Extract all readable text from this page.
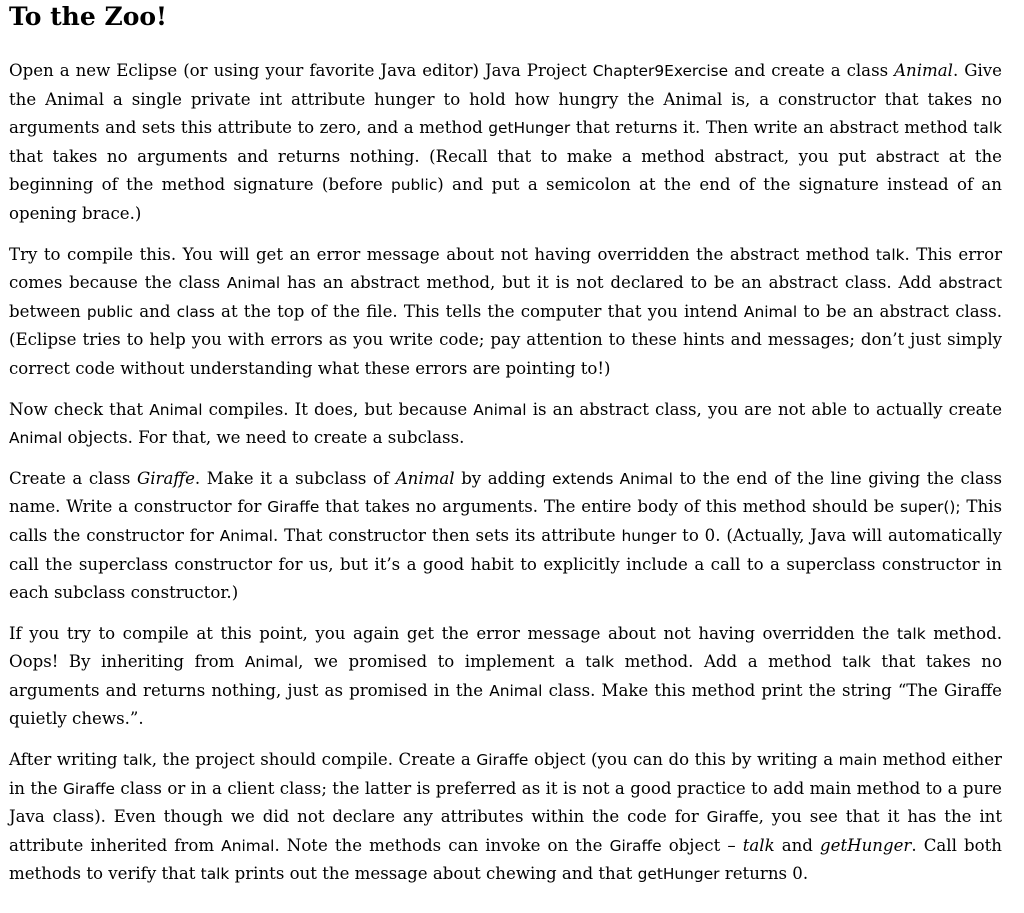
To the Zoo!

Open a new Eclipse (or using your favorite Java editor) Java Project Chapter9Exercise and create a class Animal. Give the Animal a single private int attribute hunger to hold how hungry the Animal is, a constructor that takes no arguments and sets this attribute to zero, and a method getHunger that returns it. Then write an abstract method talk that takes no arguments and returns nothing. (Recall that to make a method abstract, you put abstract at the beginning of the method signature (before public) and put a semicolon at the end of the signature instead of an opening brace.)

Try to compile this. You will get an error message about not having overridden the abstract method talk. This error comes because the class Animal has an abstract method, but it is not declared to be an abstract class. Add abstract between public and class at the top of the file. This tells the computer that you intend Animal to be an abstract class. (Eclipse tries to help you with errors as you write code; pay attention to these hints and messages; don’t just simply correct code without understanding what these errors are pointing to!)

Now check that Animal compiles. It does, but because Animal is an abstract class, you are not able to actually create Animal objects. For that, we need to create a subclass.

Create a class Giraffe. Make it a subclass of Animal by adding extends Animal to the end of the line giving the class name. Write a constructor for Giraffe that takes no arguments. The entire body of this method should be super(); This calls the constructor for Animal. That constructor then sets its attribute hunger to 0. (Actually, Java will automatically call the superclass constructor for us, but it’s a good habit to explicitly include a call to a superclass constructor in each subclass constructor.)

If you try to compile at this point, you again get the error message about not having overridden the talk method. Oops! By inheriting from Animal, we promised to implement a talk method. Add a method talk that takes no arguments and returns nothing, just as promised in the Animal class. Make this method print the string “The Giraffe quietly chews.”.

After writing talk, the project should compile. Create a Giraffe object (you can do this by writing a main method either in the Giraffe class or in a client class; the latter is preferred as it is not a good practice to add main method to a pure Java class). Even though we did not declare any attributes within the code for Giraffe, you see that it has the int attribute inherited from Animal. Note the methods can invoke on the Giraffe object – talk and getHunger. Call both methods to verify that talk prints out the message about chewing and that getHunger returns 0.
